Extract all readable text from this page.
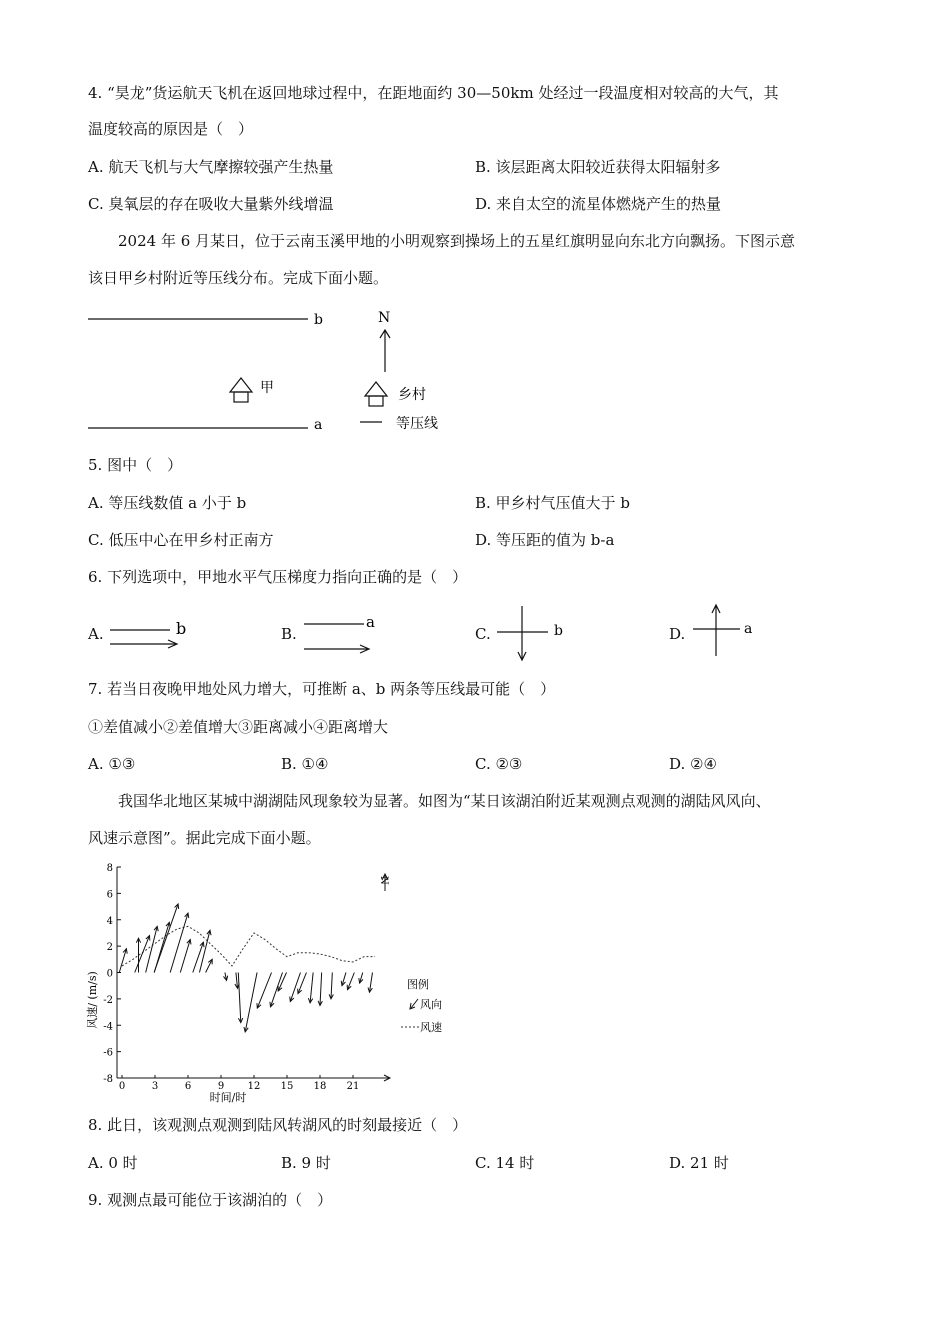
4. “昊龙”货运航天飞机在返回地球过程中，在距地面约 30—50km 处经过一段温度相对较高的大气，其
温度较高的原因是（　）
A. 航天飞机与大气摩擦较强产生热量	B. 该层距离太阳较近获得太阳辐射多
C. 臭氧层的存在吸收大量紫外线增温	D. 来自太空的流星体燃烧产生的热量
2024 年 6 月某日，位于云南玉溪甲地的小明观察到操场上的五星红旗明显向东北方向飘扬。下图示意
该日甲乡村附近等压线分布。完成下面小题。
b
a
甲
N
乡村
等压线
5. 图中（　）
A. 等压线数值 a 小于 b	B. 甲乡村气压值大于 b
C. 低压中心在甲乡村正南方	D. 等压距的值为 b-a
6. 下列选项中，甲地水平气压梯度力指向正确的是（　）
A.	B.	C.	D.
b	a	b	a
7. 若当日夜晚甲地处风力增大，可推断 a、b 两条等压线最可能（　）
①差值减小②差值增大③距离减小④距离增大
A. ①③	B. ①④	C. ②③	D. ②④
我国华北地区某城中湖湖陆风现象较为显著。如图为“某日该湖泊附近某观测点观测的湖陆风风向、
风速示意图”。据此完成下面小题。
8
6
4
2
0
-2
-4
-6
-8
0	3	6	9 12 15 18 21
风速/ (m/s)
时间/时
N
图例
风向
风速
8. 此日，该观测点观测到陆风转湖风的时刻最接近（　）
A. 0 时	B. 9 时	C. 14 时	D. 21 时
9. 观测点最可能位于该湖泊的（　）
